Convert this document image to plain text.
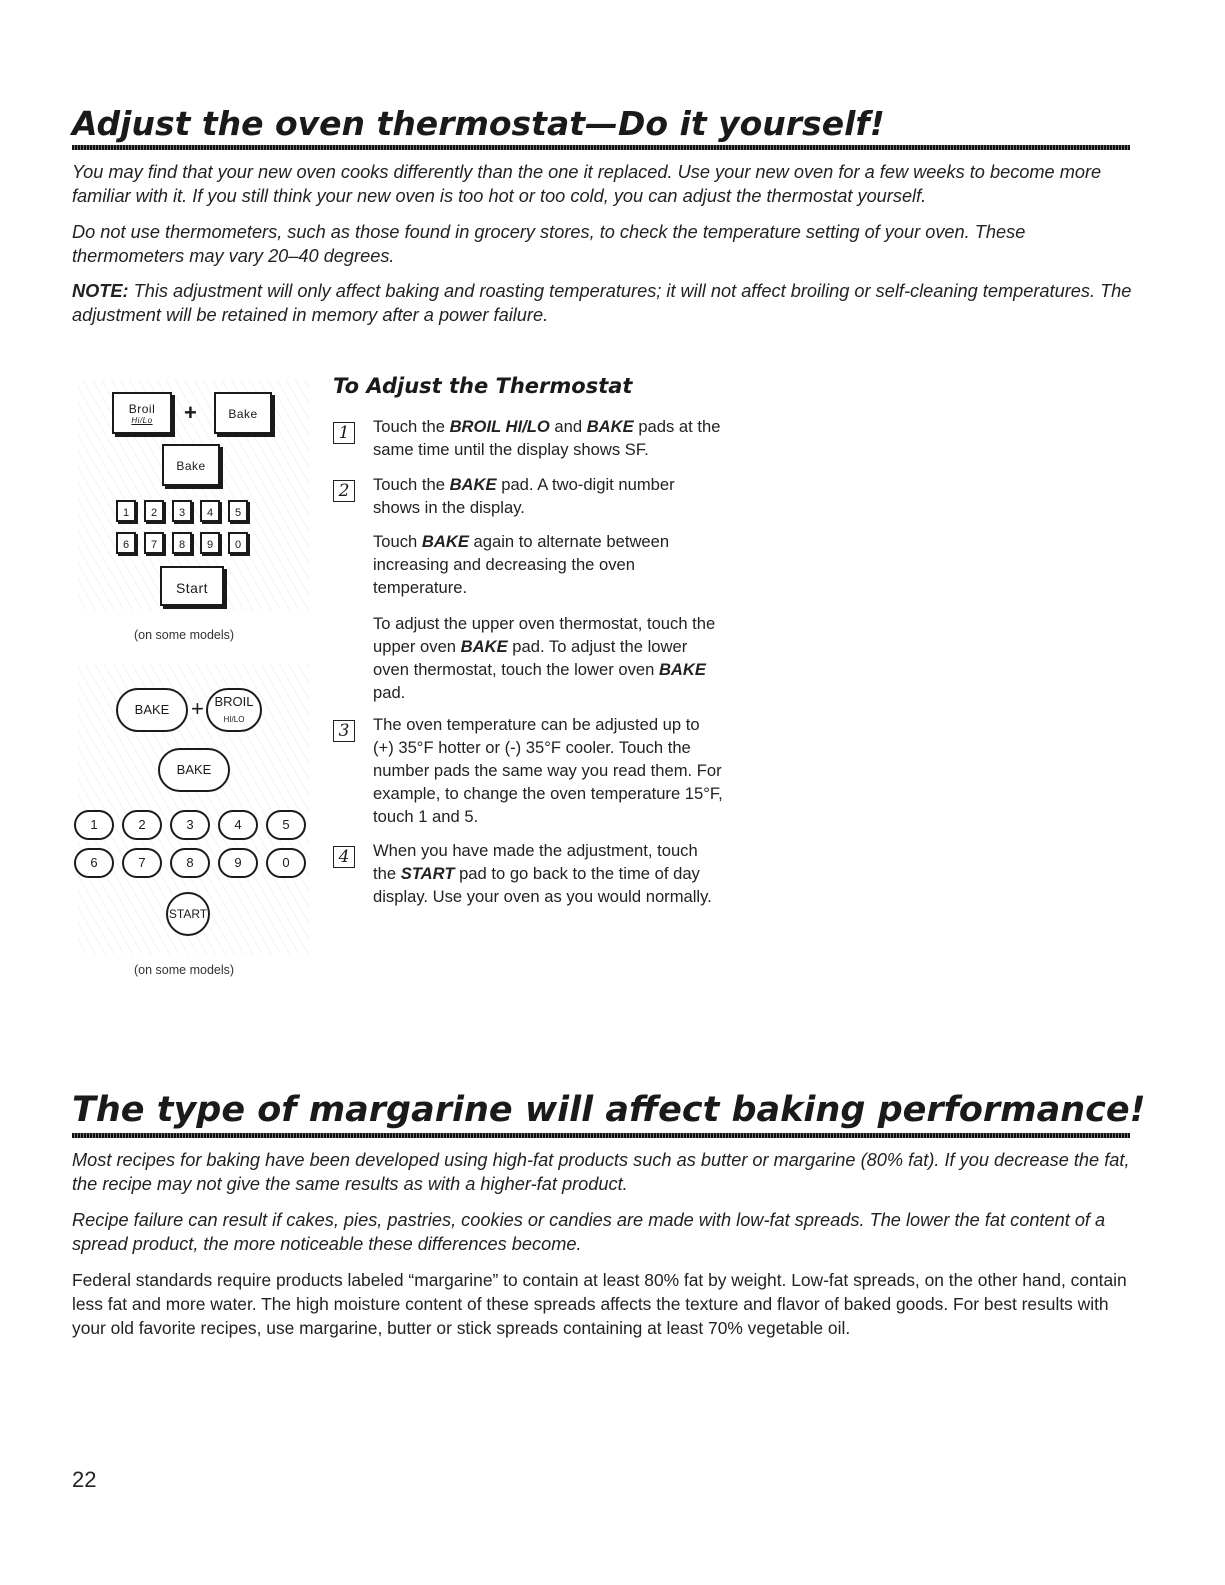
Adjust the oven thermostat—Do it yourself!

You may find that your new oven cooks differently than the one it replaced. Use your new oven for a few weeks to become more familiar with it. If you still think your new oven is too hot or too cold, you can adjust the thermostat yourself.

Do not use thermometers, such as those found in grocery stores, to check the temperature setting of your oven. These thermometers may vary 20–40 degrees.

NOTE: This adjustment will only affect baking and roasting temperatures; it will not affect broiling or self-cleaning temperatures. The adjustment will be retained in memory after a power failure.

Broil
Hi/Lo	+	Bake
Bake
1	2	3	4	5
6	7	8	9	0
Start
(on some models)
BAKE + BROIL
HI/LO
BAKE
1	2	3	4	5
6	7	8	9	0
START
(on some models)
To Adjust the Thermostat
1	Touch the BROIL HI/LO and BAKE pads at the same time until the display shows SF.

2	Touch the BAKE pad. A two-digit number shows in the display.

Touch BAKE again to alternate between increasing and decreasing the oven temperature.

To adjust the upper oven thermostat, touch the upper oven BAKE pad. To adjust the lower oven thermostat, touch the lower oven BAKE pad.

3	The oven temperature can be adjusted up to (+) 35°F hotter or (-) 35°F cooler. Touch the number pads the same way you read them. For example, to change the oven temperature 15°F, touch 1 and 5.

4	When you have made the adjustment, touch the START pad to go back to the time of day display. Use your oven as you would normally.

The type of margarine will affect baking performance!

Most recipes for baking have been developed using high-fat products such as butter or margarine (80% fat). If you decrease the fat, the recipe may not give the same results as with a higher-fat product.

Recipe failure can result if cakes, pies, pastries, cookies or candies are made with low-fat spreads. The lower the fat content of a spread product, the more noticeable these differences become.

Federal standards require products labeled “margarine” to contain at least 80% fat by weight. Low-fat spreads, on the other hand, contain less fat and more water. The high moisture content of these spreads affects the texture and flavor of baked goods. For best results with your old favorite recipes, use margarine, butter or stick spreads containing at least 70% vegetable oil.

22
